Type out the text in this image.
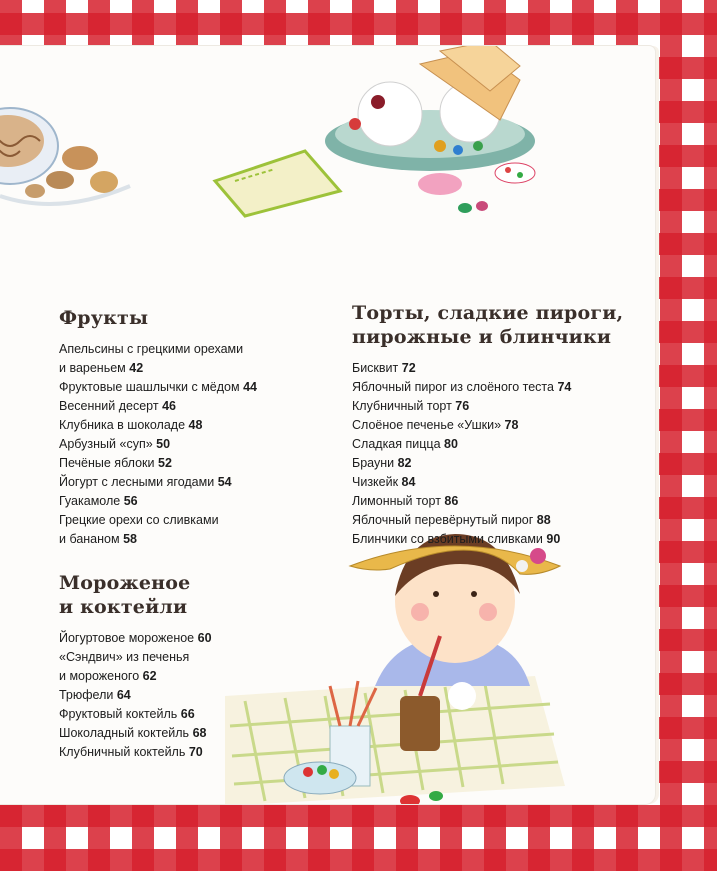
Фрукты
Апельсины с грецкими орехами
и вареньем 42
Фруктовые шашлычки с мёдом 44
Весенний десерт 46
Клубника в шоколаде 48
Арбузный «суп» 50
Печёные яблоки 52
Йогурт с лесными ягодами 54
Гуакамоле 56
Грецкие орехи со сливками
и бананом 58
Мороженое
и коктейли
Йогуртовое мороженое 60
«Сэндвич» из печенья
и мороженого 62
Трюфели 64
Фруктовый коктейль 66
Шоколадный коктейль 68
Клубничный коктейль 70
Торты, сладкие пироги,
пирожные и блинчики
Бисквит 72
Яблочный пирог из слоёного теста 74
Клубничный торт 76
Слоёное печенье «Ушки» 78
Сладкая пицца 80
Брауни 82
Чизкейк 84
Лимонный торт 86
Яблочный перевёрнутый пирог 88
Блинчики со взбитыми сливками 90
